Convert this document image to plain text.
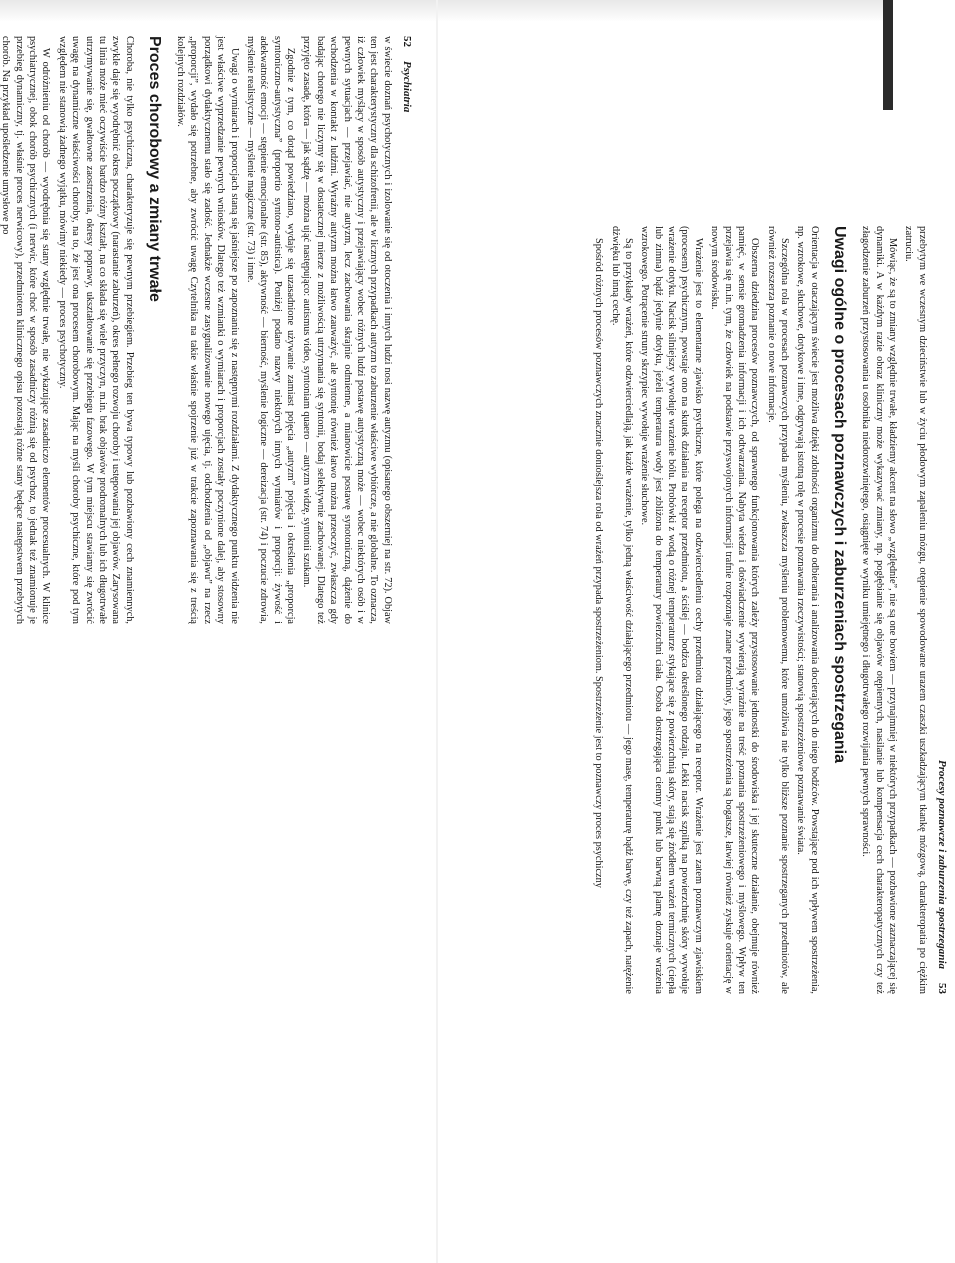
52
Psychiatria

w świecie doznań psychotycznych i izolowanie się od otoczenia i innych ludzi nosi nazwę autyzmu (opisanego obszerniej na str. 72). Objaw ten jest charakterystyczny dla schizofrenii, ale w licznych przypadkach autyzm to zaburzenie właściwe wybiórcze, a nie globalne. To oznacza, iż człowiek myślący w sposób autystyczny i przejawiający wobec różnych ludzi postawę autystyczną może — wobec niektórych osób i w pewnych sytuacjach — przejawiać, nie autyzm, lecz zachowania skrajnie odmienne, a mianowicie postawę synotoniczną, dążenie do wchodzenia w kontakt z ludźmi. Wyraźny autyzm można łatwo zauważyć, ale syntonię również łatwo można przeoczyć, zwłaszcza gdy badając chorego nie liczymy się w dostatecznej mierze z możliwością utrzymania się syntonii, bodaj selektywnie zachowanej. Dlatego też przyjęto zasadę, która — jak sądzę — można ująć następująco: autismus video, syntoniam quaero — autyzm widzę, syntonii szukam.

Zgodnie z tym, co dotąd powiedziano, wydaje się uzasadnione używanie zamiast pojęcia „autyzm” pojęcia i określenia „proporcja syntoniczno-autystyczna” (proportio syntono-autistica). Poniżej podano nazwy niektórych innych wymiarów i proporcji: żywość i adekwatność emocji — stępienie emocjonalne (str. 85), aktywność — bierność, myślenie logiczne — dereizacja (str. 74) i poczucie zdrowia, myślenie realistyczne — myślenie magiczne (str. 73) i inne.

Uwagi o wymiarach i proporcjach staną się jaśniejsze po zapoznaniu się z następnymi rozdziałami. Z dydaktycznego punktu widzenia nie jest właściwe wyprzedzanie pewnych wniosków. Dlatego też wzmianki o wymiarach i proporcjach zostały poczynione dalej, aby stosowny porządkowi dydaktycznemu stało się zadość. Jednakże wczesne zasygnalizowanie nowego ujęcia, tj. odchodzenia od „objawu” na rzecz „proporcji”, wydało się potrzebne, aby zwrócić uwagę Czytelnika na takie właśnie spojrzenie już w trakcie zapoznawania się z treścią kolejnych rozdziałów.

Proces chorobowy a zmiany trwałe

Choroba, nie tylko psychiczna, charakteryzuje się pewnym przebiegiem. Przebieg ten bywa typowy lub pozbawiony cech znamiennych, zwykle daje się wyodrębnić okres początkowy (narastanie zaburzeń), okres pełnego rozwoju choroby i ustępowania jej objawów. Zarysowana tu linia może mieć oczywiście bardzo różny kształt, na co składa się wiele przyczyn, m.in. brak objawów prodromalnych lub ich długotrwałe utrzymywanie się, gwałtowne zaostrzenia, okresy poprawy, ukształtowanie się przebiegu fazowego. W tym miejscu stawiamy się zwrócić uwagę na dynamiczne właściwości choroby, na to, że jest ona procesem chorobowym. Mając na myśli choroby psychiczne, które pod tym względem nie stanowią żadnego wyjątku, mówimy niekiedy — proces psychotyczny.

W odróżnieniu od chorób — wyodrębnia się stany względnie trwałe, nie wykazujące zasadniczo elementów procesualnych. W klinice psychiatrycznej, obok chorób psychicznych (i nerwic, które choć w sposób zasadniczy różnią się od psychoz, to jednak też znamionuje je przebieg dynamiczny, tj. właśnie proces nerwicowy), przedmiotem klinicznego opisu pozostają różne stany będące następstwem przebytych chorób. Na przykład upośledzenie umysłowe po

Procesy poznawcze i zaburzenia spostrzegania
53

przebytym we wczesnym dzieciństwie lub w życiu płodowym zapaleniu mózgu, otępienie spowodowane urazem czaszki uszkadzającym tkankę mózgową, charakteropatia po ciężkim zatruciu.

Mówiąc, że są to zmiany względnie trwałe, kładziemy akcent na słowo „względnie”, nie są one bowiem — przynajmniej w niektórych przypadkach — pozbawione zaznaczającej się dynamiki. A w każdym razie obraz kliniczny może wykazywać zmiany, np. pogłębianie się objawów otępiennych, nasilanie lub kompensacja cech charakteropatycznych czy też złagodzenie zaburzeń przystosowania u osobnika niedorozwiniętego, osiągnięte w wyniku umiejętnego i długotrwałego rozwijania pewnych sprawności.

Uwagi ogólne o procesach poznawczych i zaburzeniach spostrzegania

Orientacja w otaczającym świecie jest możliwa dzięki zdolności organizmu do odbierania i analizowania docierających do niego bodźców. Powstające pod ich wpływem spostrzeżenia, np. wzrokowe, słuchowe, dotykowe i inne, odgrywają istotną rolę w procesie poznawania rzeczywistości; stanowią spostrzeżeniowe poznawanie świata.

Szczególna rola w procesach poznawczych przypada myśleniu, zwłaszcza myśleniu problemowemu, które umożliwia nie tylko bliższe poznanie spostrzeganych przedmiotów, ale również rozszerza poznanie o nowe informacje.

Obszerna dziedzina procesów poznawczych, od sprawnego funkcjonowania których zależy przystosowanie jednostki do środowiska i jej skuteczne działanie, obejmuje również pamięć, w sensie gromadzenia informacji i ich odtwarzania. Nabyta wiedza i doświadczenie wywierają wyraźnie na treść poznania spostrzeżeniowego i myślowego. Wpływ ten przejawia się m.in. tym, że człowiek na podstawie przyswojonych informacji trafnie rozpoznaje znane przedmioty, jego spostrzeżenia są bogatsze, łatwiej również zyskuje orientację w nowym środowisku.

Wrażenie jest to elementarne zjawisko psychiczne, które polega na odzwierciedleniu cechy przedmiotu działającego na receptor. Wrażenie jest zatem poznawczym zjawiskiem (procesem) psychicznym, powstaje ono na skutek działania na receptor przedmiotu, a ściślej — bodźca określonego rodzaju. Lekki nacisk szpilką na powierzchnię skóry wywołuje wrażenie dotyku. Nacisk silniejszy wywołuje wrażenie bólu. Probówki z wodą o różnej temperaturze stykające się z powierzchnią skóry, stają się źródłem wrażeń termicznych (ciepła lub zimna) bądź jedynie dotyku, jeżeli temperatura wody jest zbliżona do temperatury powierzchni ciała. Osoba dostrzegająca ciemny punkt lub barwną plamę doznaje wrażenia wzrokowego. Potrącenie struny skrzypiec wywołuje wrażenie słuchowe.

Są to przykłady wrażeń, które odzwierciedlają, jak każde wrażenie, tylko jedną właściwość działającego przedmiotu — jego masę, temperaturę bądź barwę, czy też zapach, natężenie dźwięku lub inną cechę.

Spośród różnych procesów poznawczych znacznie donioślejsza rola od wrażeń przypada spostrzeżeniom. Spostrzeżenie jest to poznawczy proces psychiczny
